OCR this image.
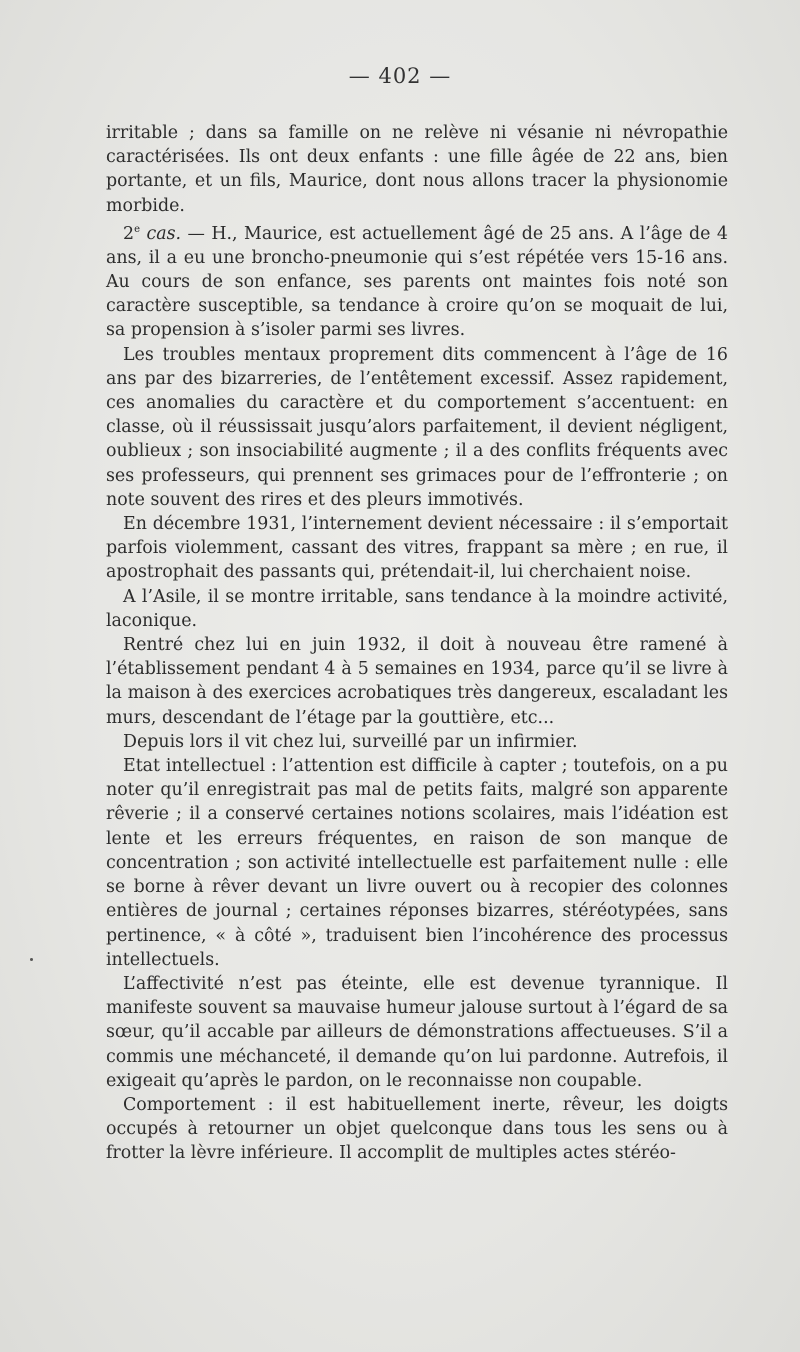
— 402 —

irritable ; dans sa famille on ne relève ni vésanie ni névropathie caractérisées. Ils ont deux enfants : une fille âgée de 22 ans, bien portante, et un fils, Maurice, dont nous allons tracer la physionomie morbide.

2e cas. — H., Maurice, est actuellement âgé de 25 ans. A l’âge de 4 ans, il a eu une broncho-pneumonie qui s’est répétée vers 15-16 ans. Au cours de son enfance, ses parents ont maintes fois noté son caractère susceptible, sa tendance à croire qu’on se moquait de lui, sa propension à s’isoler parmi ses livres.

Les troubles mentaux proprement dits commencent à l’âge de 16 ans par des bizarreries, de l’entêtement excessif. Assez rapidement, ces anomalies du caractère et du comportement s’accentuent: en classe, où il réussissait jusqu’alors parfaitement, il devient négligent, oublieux ; son insociabilité augmente ; il a des conflits fréquents avec ses professeurs, qui prennent ses grimaces pour de l’effronterie ; on note souvent des rires et des pleurs immotivés.

En décembre 1931, l’internement devient nécessaire : il s’emportait parfois violemment, cassant des vitres, frappant sa mère ; en rue, il apostrophait des passants qui, prétendait-il, lui cherchaient noise.

A l’Asile, il se montre irritable, sans tendance à la moindre activité, laconique.

Rentré chez lui en juin 1932, il doit à nouveau être ramené à l’établissement pendant 4 à 5 semaines en 1934, parce qu’il se livre à la maison à des exercices acrobatiques très dangereux, escaladant les murs, descendant de l’étage par la gouttière, etc...

Depuis lors il vit chez lui, surveillé par un infirmier.

Etat intellectuel : l’attention est difficile à capter ; toutefois, on a pu noter qu’il enregistrait pas mal de petits faits, malgré son apparente rêverie ; il a conservé certaines notions scolaires, mais l’idéation est lente et les erreurs fréquentes, en raison de son manque de concentration ; son activité intellectuelle est parfaitement nulle : elle se borne à rêver devant un livre ouvert ou à recopier des colonnes entières de journal ; certaines réponses bizarres, stéréotypées, sans pertinence, « à côté », traduisent bien l’incohérence des processus intellectuels.

L’affectivité n’est pas éteinte, elle est devenue tyrannique. Il manifeste souvent sa mauvaise humeur jalouse surtout à l’égard de sa sœur, qu’il accable par ailleurs de démonstrations affectueuses. S’il a commis une méchanceté, il demande qu’on lui pardonne. Autrefois, il exigeait qu’après le pardon, on le reconnaisse non coupable.

Comportement : il est habituellement inerte, rêveur, les doigts occupés à retourner un objet quelconque dans tous les sens ou à frotter la lèvre inférieure. Il accomplit de multiples actes stéréo-
